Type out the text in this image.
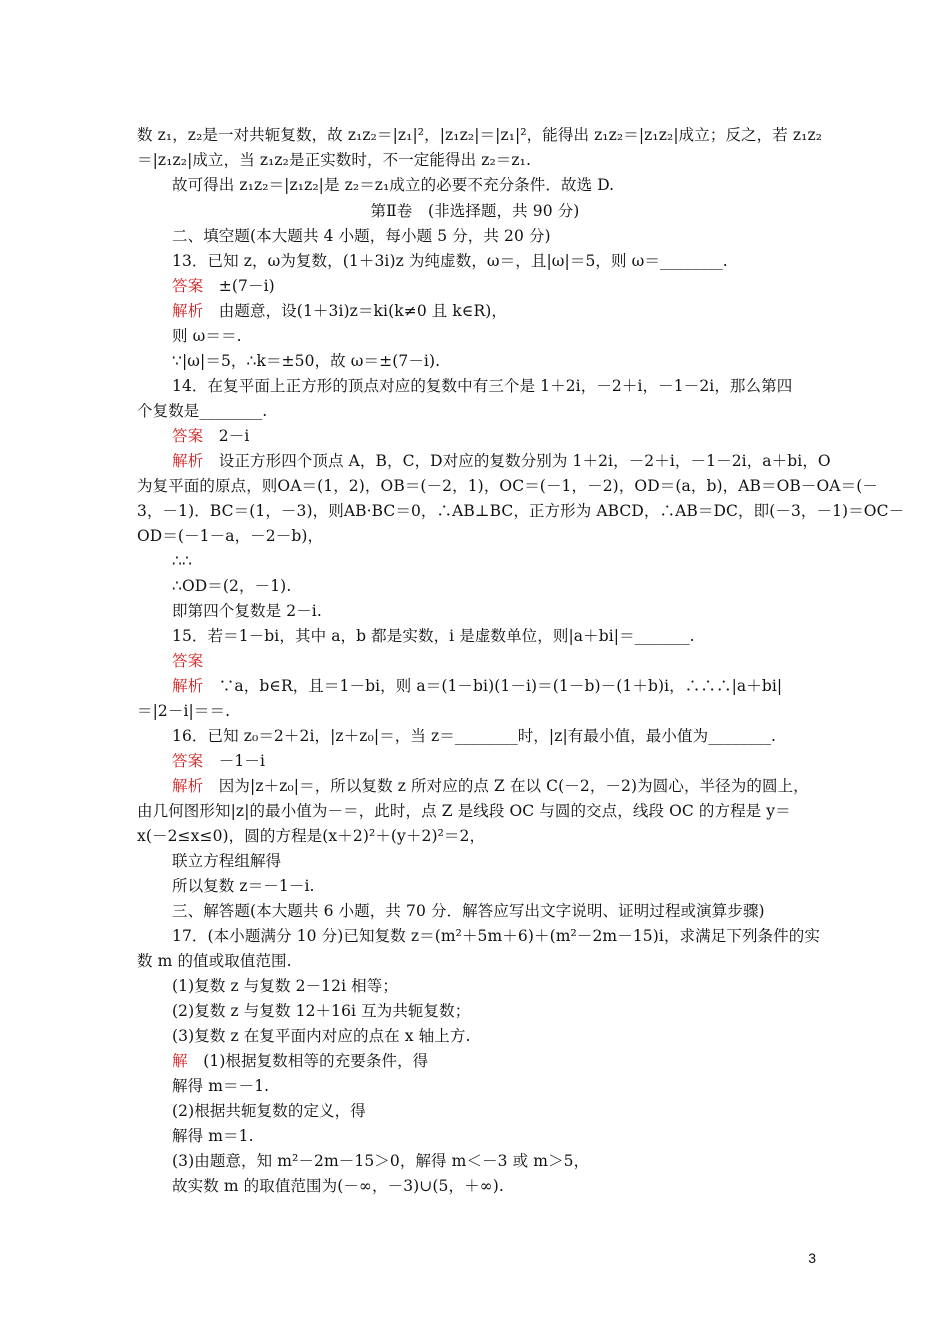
数 z₁，z₂是一对共轭复数，故 z₁z₂＝|z₁|²，|z₁z₂|＝|z₁|²，能得出 z₁z₂＝|z₁z₂|成立；反之，若 z₁z₂
＝|z₁z₂|成立，当 z₁z₂是正实数时，不一定能得出 z₂＝z₁.
故可得出 z₁z₂＝|z₁z₂|是 z₂＝z₁成立的必要不充分条件．故选 D.
第Ⅱ卷　(非选择题，共 90 分)
二、填空题(本大题共 4 小题，每小题 5 分，共 20 分)
13．已知 z，ω为复数，(1＋3i)z 为纯虚数，ω＝，且|ω|＝5，则 ω＝________.
答案　±(7－i)
解析　由题意，设(1＋3i)z＝ki(k≠0 且 k∈R)，
则 ω＝＝.
∵|ω|＝5，∴k＝±50，故 ω＝±(7－i).
14．在复平面上正方形的顶点对应的复数中有三个是 1＋2i，－2＋i，－1－2i，那么第四
个复数是________.
答案　2－i
解析　设正方形四个顶点 A，B，C，D对应的复数分别为 1＋2i，－2＋i，－1－2i，a＋bi，O
为复平面的原点，则OA＝(1，2)，OB＝(－2，1)，OC＝(－1，－2)，OD＝(a，b)，AB＝OB－OA＝(－
3，－1)．BC＝(1，－3)，则AB·BC＝0，∴AB⊥BC，正方形为 ABCD，∴AB＝DC，即(－3，－1)＝OC－
OD＝(－1－a，－2－b)，
∴∴
∴OD＝(2，－1).
即第四个复数是 2－i.
15．若＝1－bi，其中 a，b 都是实数，i 是虚数单位，则|a＋bi|＝_______.
答案
解析　∵a，b∈R，且＝1－bi，则 a＝(1－bi)(1－i)＝(1－b)－(1＋b)i，∴∴∴|a＋bi|
＝|2－i|＝＝.
16．已知 z₀＝2＋2i，|z＋z₀|＝，当 z＝________时，|z|有最小值，最小值为________.
答案　－1－i
解析　因为|z＋z₀|＝，所以复数 z 所对应的点 Z 在以 C(－2，－2)为圆心，半径为的圆上，
由几何图形知|z|的最小值为－＝，此时，点 Z 是线段 OC 与圆的交点，线段 OC 的方程是 y＝
x(－2≤x≤0)，圆的方程是(x＋2)²＋(y＋2)²＝2，
联立方程组解得
所以复数 z＝－1－i.
三、解答题(本大题共 6 小题，共 70 分．解答应写出文字说明、证明过程或演算步骤)
17．(本小题满分 10 分)已知复数 z＝(m²＋5m＋6)＋(m²－2m－15)i，求满足下列条件的实
数 m 的值或取值范围.
(1)复数 z 与复数 2－12i 相等；
(2)复数 z 与复数 12＋16i 互为共轭复数；
(3)复数 z 在复平面内对应的点在 x 轴上方.
解　(1)根据复数相等的充要条件，得
解得 m＝－1.
(2)根据共轭复数的定义，得
解得 m＝1.
(3)由题意，知 m²－2m－15＞0，解得 m＜－3 或 m＞5，
故实数 m 的取值范围为(－∞，－3)∪(5，＋∞).
3
